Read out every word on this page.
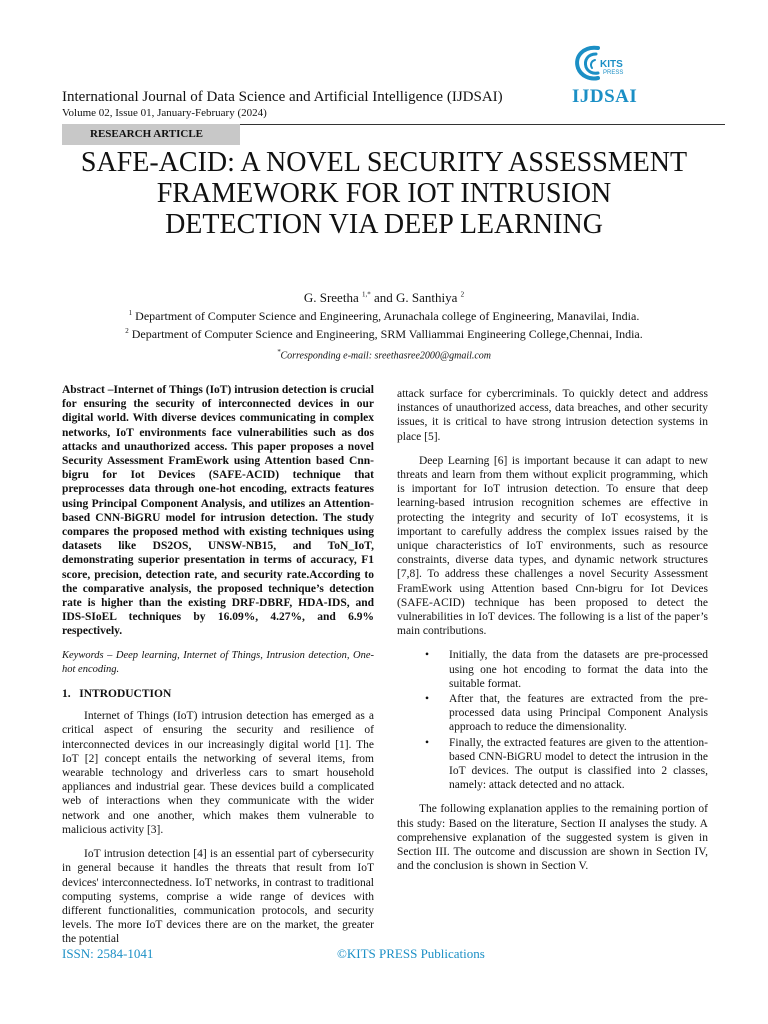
International Journal of Data Science and Artificial Intelligence (IJDSAI)
Volume 02, Issue 01, January-February (2024)
RESEARCH ARTICLE
KITS
PRESS
IJDSAI
SAFE-ACID: A NOVEL SECURITY ASSESSMENT FRAMEWORK FOR IOT INTRUSION DETECTION VIA DEEP LEARNING
G. Sreetha $^{1,*}$ and G. Santhiya $^2$
$^1$ Department of Computer Science and Engineering, Arunachala college of Engineering, Manavilai, India.
$^2$ Department of Computer Science and Engineering, SRM Valliammai Engineering College,Chennai, India.
*Corresponding e-mail: sreethasree2000@gmail.com

Abstract –Internet of Things (IoT) intrusion detection is crucial for ensuring the security of interconnected devices in our digital world. With diverse devices communicating in complex networks, IoT environments face vulnerabilities such as dos attacks and unauthorized access. This paper proposes a novel Security Assessment FramEwork using Attention based Cnn-bigru for Iot Devices (SAFE-ACID) technique that preprocesses data through one-hot encoding, extracts features using Principal Component Analysis, and utilizes an Attention-based CNN-BiGRU model for intrusion detection. The study compares the proposed method with existing techniques using datasets like DS2OS, UNSW-NB15, and ToN_IoT, demonstrating superior presentation in terms of accuracy, F1 score, precision, detection rate, and security rate.According to the comparative analysis, the proposed technique’s detection rate is higher than the existing DRF-DBRF, HDA-IDS, and IDS-SIoEL techniques by 16.09%, 4.27%, and 6.9% respectively.

Keywords – Deep learning, Internet of Things, Intrusion detection, One-hot encoding.

1.   INTRODUCTION

Internet of Things (IoT) intrusion detection has emerged as a critical aspect of ensuring the security and resilience of interconnected devices in our increasingly digital world [1]. The IoT [2] concept entails the networking of several items, from wearable technology and driverless cars to smart household appliances and industrial gear. These devices build a complicated web of interactions when they communicate with the wider network and one another, which makes them vulnerable to malicious activity [3].

IoT intrusion detection [4] is an essential part of cybersecurity in general because it handles the threats that result from IoT devices' interconnectedness. IoT networks, in contrast to traditional computing systems, comprise a wide range of devices with different functionalities, communication protocols, and security levels. The more IoT devices there are on the market, the greater the potential

attack surface for cybercriminals. To quickly detect and address instances of unauthorized access, data breaches, and other security issues, it is critical to have strong intrusion detection systems in place [5].

Deep Learning [6] is important because it can adapt to new threats and learn from them without explicit programming, which is important for IoT intrusion detection. To ensure that deep learning-based intrusion recognition schemes are effective in protecting the integrity and security of IoT ecosystems, it is important to carefully address the complex issues raised by the unique characteristics of IoT environments, such as resource constraints, diverse data types, and dynamic network structures [7,8]. To address these challenges a novel Security Assessment FramEwork using Attention based Cnn-bigru for Iot Devices (SAFE-ACID) technique has been proposed to detect the vulnerabilities in IoT devices. The following is a list of the paper’s main contributions.

• Initially, the data from the datasets are pre-processed using one hot encoding to format the data into the suitable format.
• After that, the features are extracted from the pre-processed data using Principal Component Analysis approach to reduce the dimensionality.
• Finally, the extracted features are given to the attention-based CNN-BiGRU model to detect the intrusion in the IoT devices. The output is classified into 2 classes, namely: attack detected and no attack.

The following explanation applies to the remaining portion of this study: Based on the literature, Section II analyses the study. A comprehensive explanation of the suggested system is given in Section III. The outcome and discussion are shown in Section IV, and the conclusion is shown in Section V.

ISSN: 2584-1041	©KITS PRESS Publications
